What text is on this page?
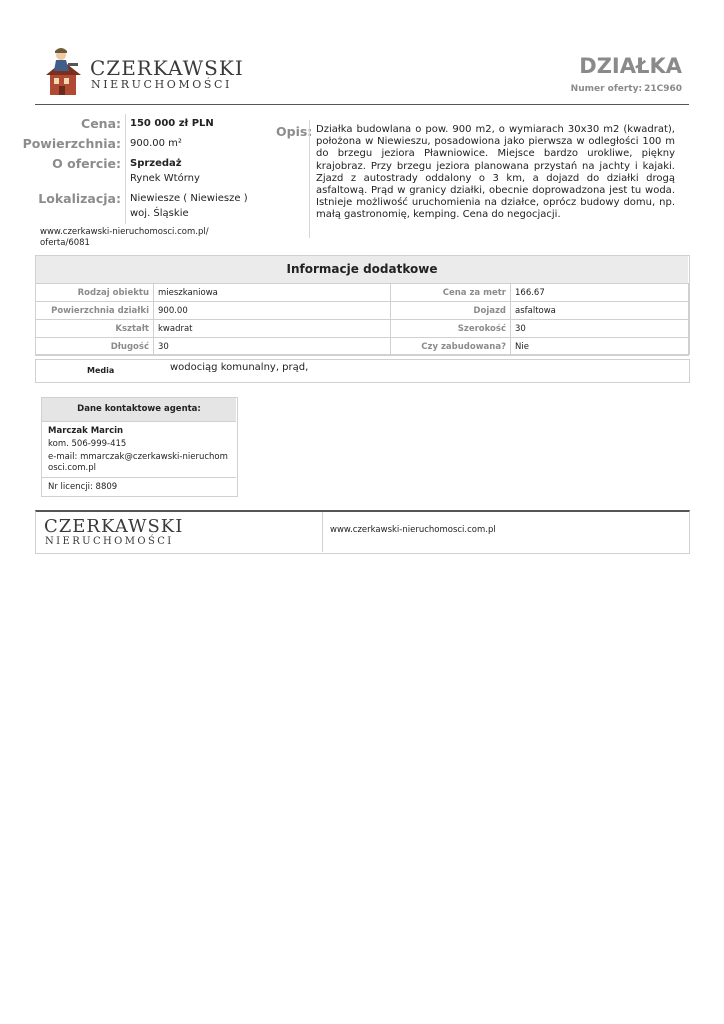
CZERKAWSKI
NIERUCHOMOŚCI
DZIAŁKA
Numer oferty: 21C960
Cena: 150 000 zł PLN
Powierzchnia: 900.00 m²
O ofercie: Sprzedaż
Rynek Wtórny
Lokalizacja: Niewiesze ( Niewiesze )
woj. Śląskie
www.czerkawski-nieruchomosci.com.pl/oferta/6081
Opis: Działka budowlana o pow. 900 m2, o wymiarach 30x30 m2 (kwadrat), położona w Niewieszu, posadowiona jako pierwsza w odległości 100 m do brzegu jeziora Pławniowice. Miejsce bardzo urokliwe, piękny krajobraz. Przy brzegu jeziora planowana przystań na jachty i kajaki. Zjazd z autostrady oddalony o 3 km, a dojazd do działki drogą asfaltową. Prąd w granicy działki, obecnie doprowadzona jest tu woda. Istnieje możliwość uruchomienia na działce, oprócz budowy domu, np. małą gastronomię, kemping. Cena do negocjacji.
Informacje dodatkowe
Rodzaj obiektu	mieszkaniowa	Cena za metr	166.67
Powierzchnia działki	900.00	Dojazd	asfaltowa
Kształt	kwadrat	Szerokość	30
Długość	30	Czy zabudowana?	Nie
Media	wodociąg komunalny, prąd,
Dane kontaktowe agenta:
Marczak Marcin
kom. 506-999-415
e-mail: mmarczak@czerkawski-nieruchomosci.com.pl
Nr licencji: 8809
CZERKAWSKI
NIERUCHOMOŚCI
www.czerkawski-nieruchomosci.com.pl
